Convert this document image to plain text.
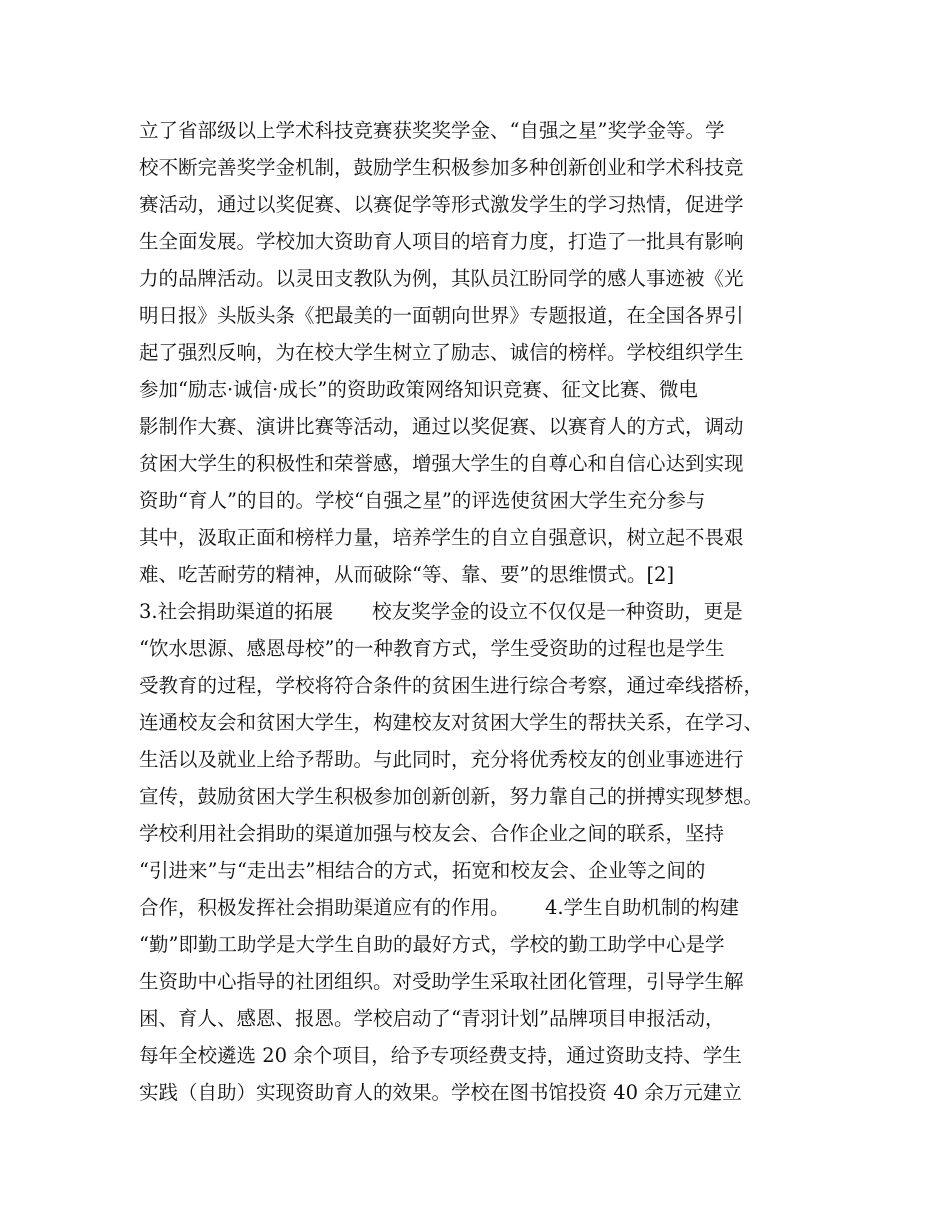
立了省部级以上学术科技竞赛获奖奖学金、“自强之星”奖学金等。学
校不断完善奖学金机制，鼓励学生积极参加多种创新创业和学术科技竞
赛活动，通过以奖促赛、以赛促学等形式激发学生的学习热情，促进学
生全面发展。学校加大资助育人项目的培育力度，打造了一批具有影响
力的品牌活动。以灵田支教队为例，其队员江盼同学的感人事迹被《光
明日报》头版头条《把最美的一面朝向世界》专题报道，在全国各界引
起了强烈反响，为在校大学生树立了励志、诚信的榜样。学校组织学生
参加“励志·诚信·成长”的资助政策网络知识竞赛、征文比赛、微电
影制作大赛、演讲比赛等活动，通过以奖促赛、以赛育人的方式，调动
贫困大学生的积极性和荣誉感，增强大学生的自尊心和自信心达到实现
资助“育人”的目的。学校“自强之星”的评选使贫困大学生充分参与
其中，汲取正面和榜样力量，培养学生的自立自强意识，树立起不畏艰
难、吃苦耐劳的精神，从而破除“等、靠、要”的思维惯式。[2]
3.社会捐助渠道的拓展　　校友奖学金的设立不仅仅是一种资助，更是
“饮水思源、感恩母校”的一种教育方式，学生受资助的过程也是学生
受教育的过程，学校将符合条件的贫困生进行综合考察，通过牵线搭桥，
连通校友会和贫困大学生，构建校友对贫困大学生的帮扶关系，在学习、
生活以及就业上给予帮助。与此同时，充分将优秀校友的创业事迹进行
宣传，鼓励贫困大学生积极参加创新创新，努力靠自己的拼搏实现梦想。
学校利用社会捐助的渠道加强与校友会、合作企业之间的联系，坚持
“引进来”与“走出去”相结合的方式，拓宽和校友会、企业等之间的
合作，积极发挥社会捐助渠道应有的作用。　　 4.学生自助机制的构建
“勤”即勤工助学是大学生自助的最好方式，学校的勤工助学中心是学
生资助中心指导的社团组织。对受助学生采取社团化管理，引导学生解
困、育人、感恩、报恩。学校启动了“青羽计划”品牌项目申报活动，
每年全校遴选 20 余个项目，给予专项经费支持，通过资助支持、学生
实践（自助）实现资助育人的效果。学校在图书馆投资 40 余万元建立
